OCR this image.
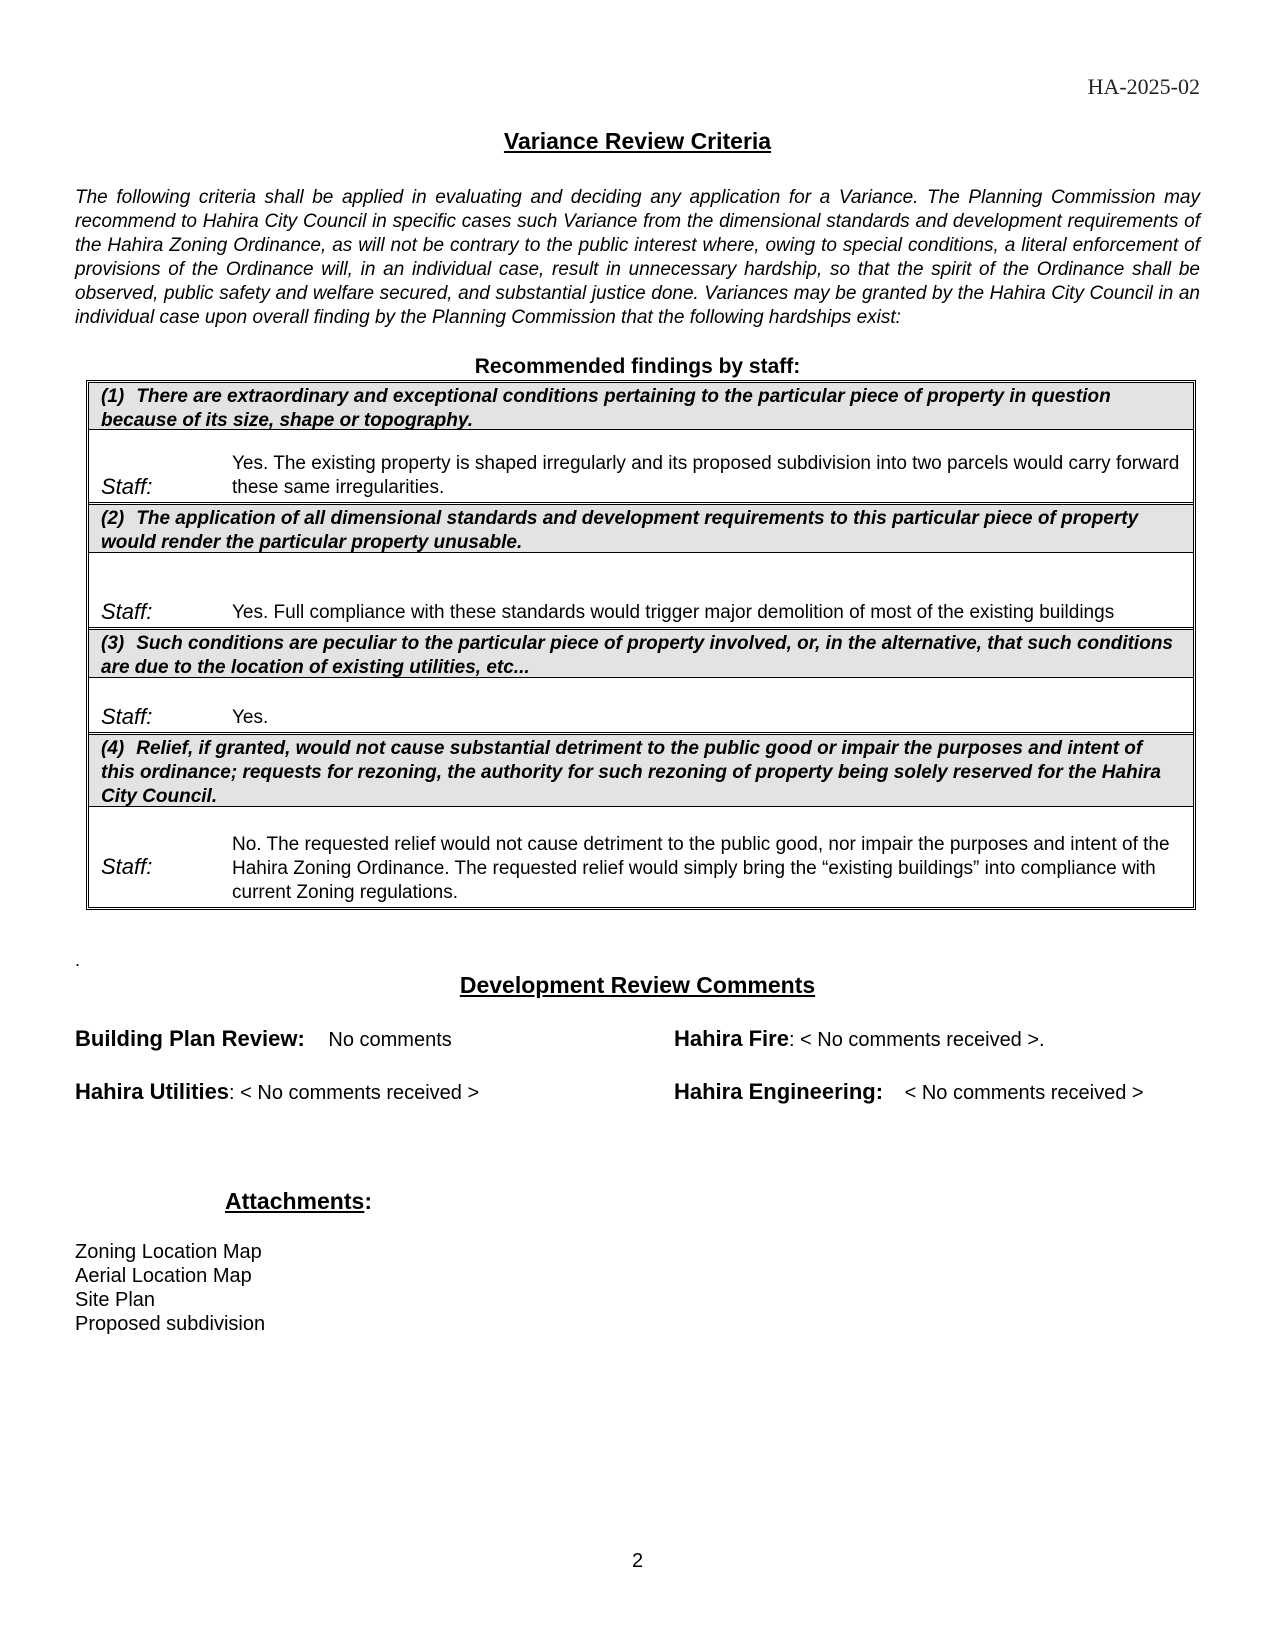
HA-2025-02
Variance Review Criteria
The following criteria shall be applied in evaluating and deciding any application for a Variance. The Planning Commission may recommend to Hahira City Council in specific cases such Variance from the dimensional standards and development requirements of the Hahira Zoning Ordinance, as will not be contrary to the public interest where, owing to special conditions, a literal enforcement of provisions of the Ordinance will, in an individual case, result in unnecessary hardship, so that the spirit of the Ordinance shall be observed, public safety and welfare secured, and substantial justice done. Variances may be granted by the Hahira City Council in an individual case upon overall finding by the Planning Commission that the following hardships exist:
Recommended findings by staff:
(1) There are extraordinary and exceptional conditions pertaining to the particular piece of property in question because of its size, shape or topography.
Staff:
Yes. The existing property is shaped irregularly and its proposed subdivision into two parcels would carry forward these same irregularities.
(2) The application of all dimensional standards and development requirements to this particular piece of property would render the particular property unusable.
Staff:	Yes. Full compliance with these standards would trigger major demolition of most of the existing buildings
(3) Such conditions are peculiar to the particular piece of property involved, or, in the alternative, that such conditions are due to the location of existing utilities, etc...
Staff:	Yes.
(4) Relief, if granted, would not cause substantial detriment to the public good or impair the purposes and intent of this ordinance; requests for rezoning, the authority for such rezoning of property being solely reserved for the Hahira City Council.
Staff:
No. The requested relief would not cause detriment to the public good, nor impair the purposes and intent of the Hahira Zoning Ordinance. The requested relief would simply bring the “existing buildings” into compliance with current Zoning regulations.
.
Development Review Comments
Building Plan Review: No comments	Hahira Fire: < No comments received >.
Hahira Utilities: < No comments received >	Hahira Engineering: < No comments received >
Attachments:
Zoning Location Map
Aerial Location Map
Site Plan
Proposed subdivision
2
